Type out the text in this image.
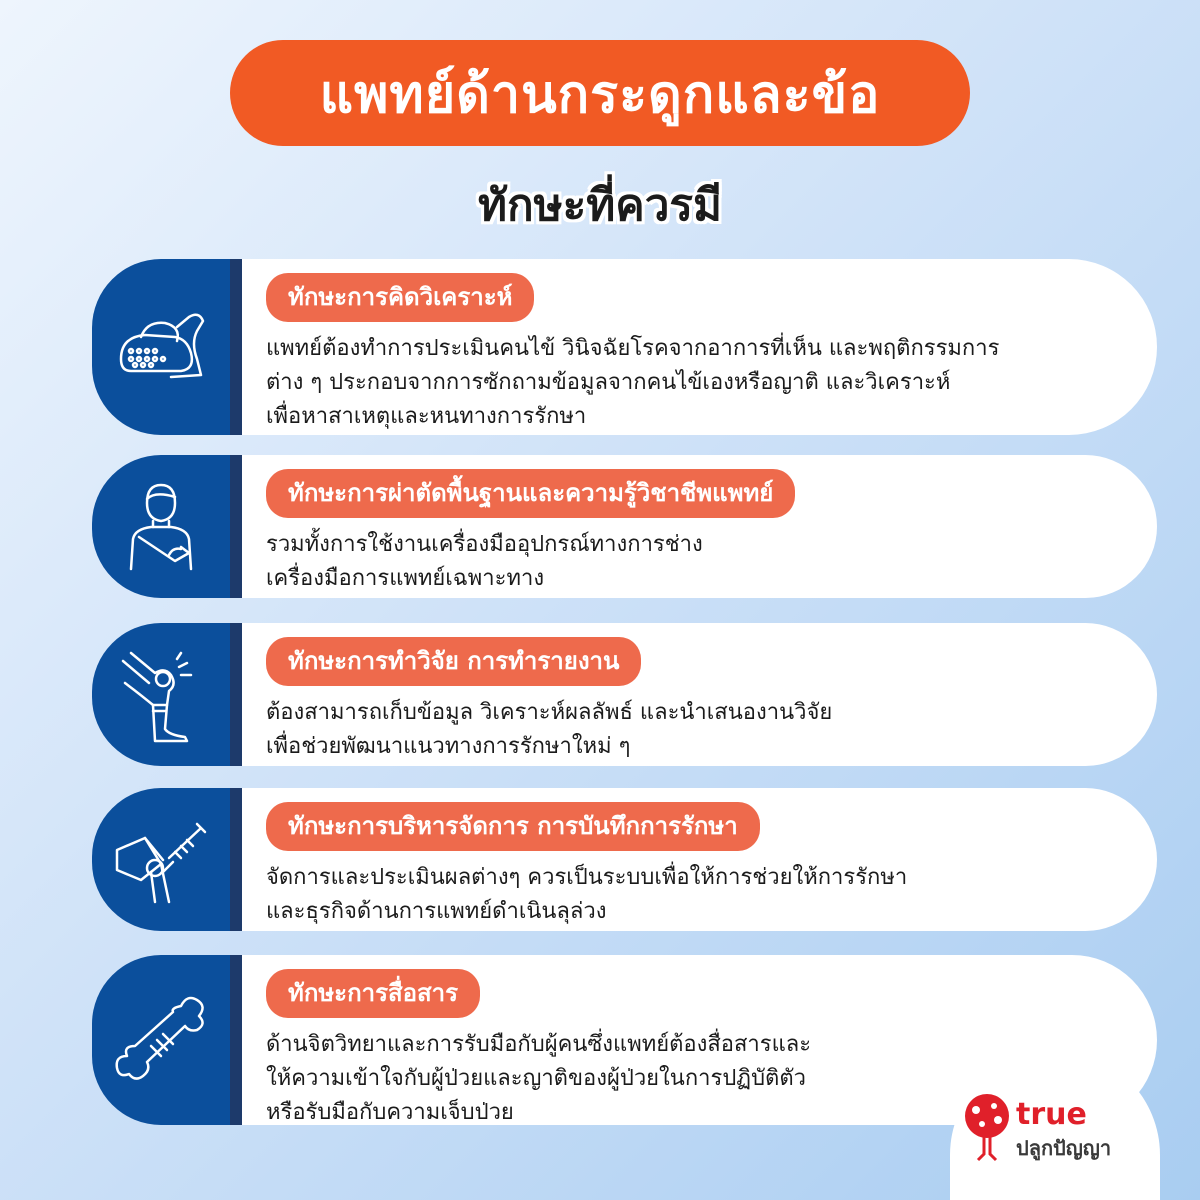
แพทย์ด้านกระดูกและข้อ
ทักษะที่ควรมี
ทักษะการคิดวิเคราะห์
แพทย์ต้องทำการประเมินคนไข้ วินิจฉัยโรคจากอาการที่เห็น และพฤติกรรมการ
ต่าง ๆ ประกอบจากการซักถามข้อมูลจากคนไข้เองหรือญาติ และวิเคราะห์
เพื่อหาสาเหตุและหนทางการรักษา
ทักษะการผ่าตัดพื้นฐานและความรู้วิชาชีพแพทย์
รวมทั้งการใช้งานเครื่องมืออุปกรณ์ทางการช่าง
เครื่องมือการแพทย์เฉพาะทาง
ทักษะการทำวิจัย การทำรายงาน
ต้องสามารถเก็บข้อมูล วิเคราะห์ผลลัพธ์ และนำเสนองานวิจัย
เพื่อช่วยพัฒนาแนวทางการรักษาใหม่ ๆ
ทักษะการบริหารจัดการ การบันทึกการรักษา
จัดการและประเมินผลต่างๆ ควรเป็นระบบเพื่อให้การช่วยให้การรักษา
และธุรกิจด้านการแพทย์ดำเนินลุล่วง
ทักษะการสื่อสาร
ด้านจิตวิทยาและการรับมือกับผู้คนซึ่งแพทย์ต้องสื่อสารและ
ให้ความเข้าใจกับผู้ป่วยและญาติของผู้ป่วยในการปฏิบัติตัว
หรือรับมือกับความเจ็บป่วย	true
ปลูกปัญญา
